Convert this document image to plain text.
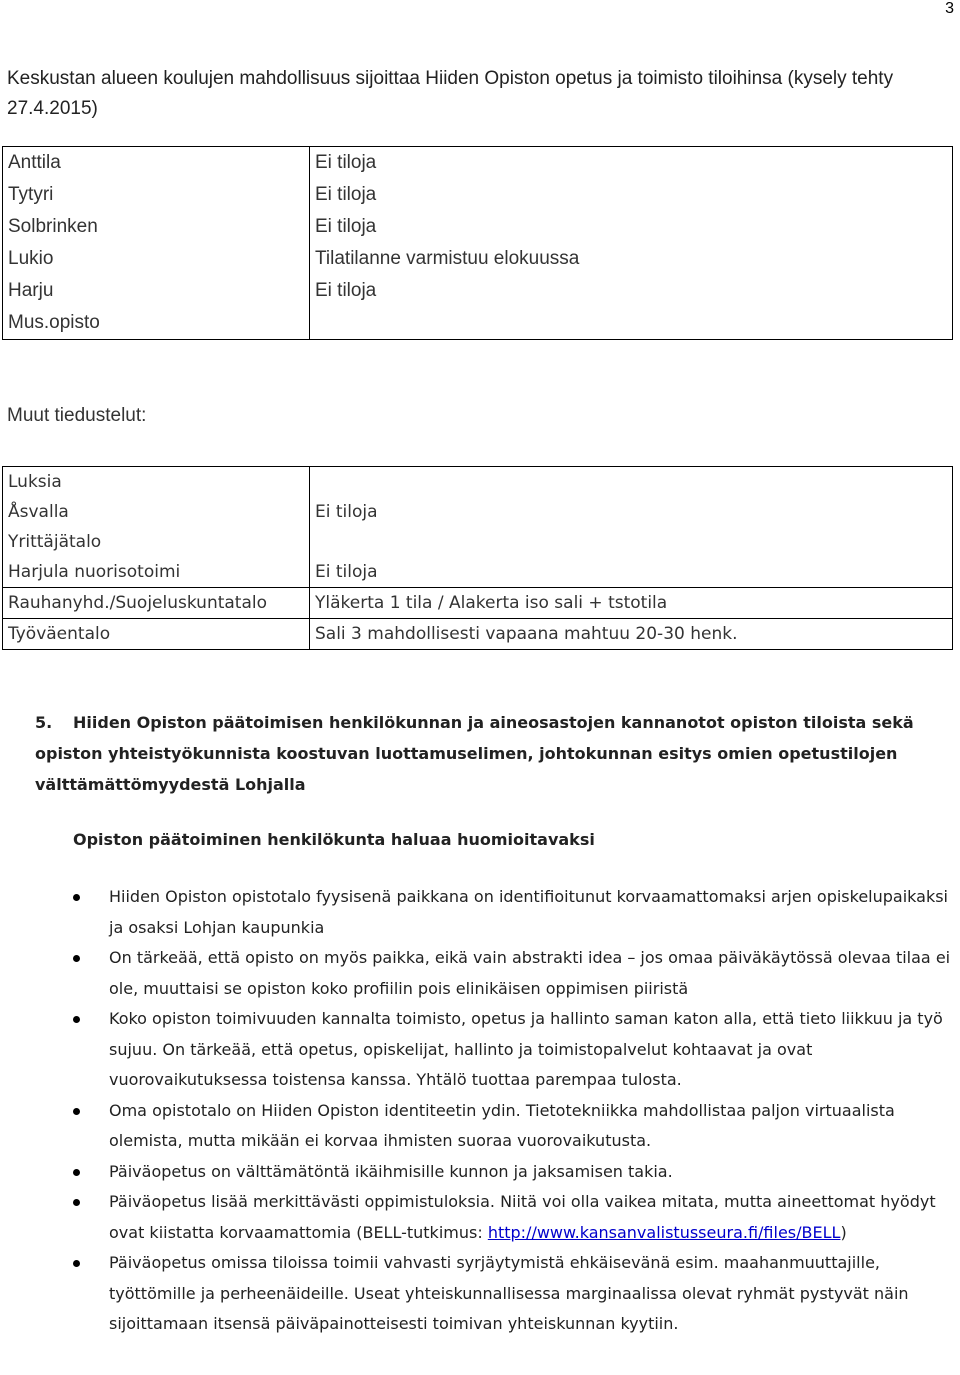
3
Keskustan alueen koulujen mahdollisuus sijoittaa Hiiden Opiston opetus ja toimisto tiloihinsa (kysely tehty 27.4.2015)
Anttila	Ei tiloja
Tytyri	Ei tiloja
Solbrinken	Ei tiloja
Lukio	Tilatilanne varmistuu elokuussa
Harju	Ei tiloja
Mus.opisto	
Muut tiedustelut:
Luksia	
Åsvalla	Ei tiloja
Yrittäjätalo	
Harjula nuorisotoimi	Ei tiloja
Rauhanyhd./Suojeluskuntatalo	Yläkerta 1 tila / Alakerta iso sali + tstotila
Työväentalo	Sali 3 mahdollisesti vapaana mahtuu 20-30 henk.
5. Hiiden Opiston päätoimisen henkilökunnan ja aineosastojen kannanotot opiston tiloista sekä opiston yhteistyökunnista koostuvan luottamuselimen, johtokunnan esitys omien opetustilojen välttämättömyydestä Lohjalla
Opiston päätoiminen henkilökunta haluaa huomioitavaksi
Hiiden Opiston opistotalo fyysisenä paikkana on identifioitunut korvaamattomaksi arjen opiskelupaikaksi ja osaksi Lohjan kaupunkia
On tärkeää, että opisto on myös paikka, eikä vain abstrakti idea – jos omaa päiväkäytössä olevaa tilaa ei ole, muuttaisi se opiston koko profiilin pois elinikäisen oppimisen piiristä
Koko opiston toimivuuden kannalta toimisto, opetus ja hallinto saman katon alla, että tieto liikkuu ja työ sujuu. On tärkeää, että opetus, opiskelijat, hallinto ja toimistopalvelut kohtaavat ja ovat vuorovaikutuksessa toistensa kanssa. Yhtälö tuottaa parempaa tulosta.
Oma opistotalo on Hiiden Opiston identiteetin ydin. Tietotekniikka mahdollistaa paljon virtuaalista olemista, mutta mikään ei korvaa ihmisten suoraa vuorovaikutusta.
Päiväopetus on välttämätöntä ikäihmisille kunnon ja jaksamisen takia.
Päiväopetus lisää merkittävästi oppimistuloksia. Niitä voi olla vaikea mitata, mutta aineettomat hyödyt ovat kiistatta korvaamattomia (BELL-tutkimus: http://www.kansanvalistusseura.fi/files/BELL)
Päiväopetus omissa tiloissa toimii vahvasti syrjäytymistä ehkäisevänä esim. maahanmuuttajille, työttömille ja perheenäideille. Useat yhteiskunnallisessa marginaalissa olevat ryhmät pystyvät näin sijoittamaan itsensä päiväpainotteisesti toimivan yhteiskunnan kyytiin.
